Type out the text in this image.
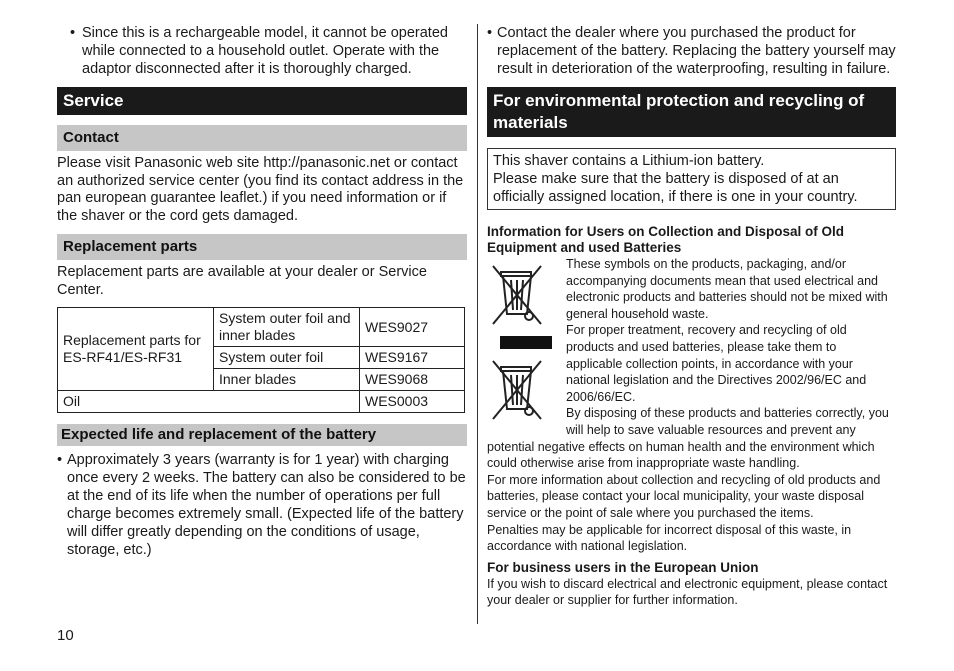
• Since this is a rechargeable model, it cannot be operated while connected to a household outlet. Operate with the adaptor disconnected after it is thoroughly charged.
Service
Contact
Please visit Panasonic web site http://panasonic.net or contact an authorized service center (you find its contact address in the pan european guarantee leaflet.) if you need information or if the shaver or the cord gets damaged.
Replacement parts
Replacement parts are available at your dealer or Service Center.
Replacement parts for ES-RF41/ES-RF31	System outer foil and inner blades	WES9027
	System outer foil	WES9167
	Inner blades	WES9068
Oil		WES0003
Expected life and replacement of the battery
• Approximately 3 years (warranty is for 1 year) with charging once every 2 weeks. The battery can also be considered to be at the end of its life when the number of operations per full charge becomes extremely small. (Expected life of the battery will differ greatly depending on the conditions of usage, storage, etc.)
• Contact the dealer where you purchased the product for replacement of the battery. Replacing the battery yourself may result in deterioration of the waterproofing, resulting in failure.
For environmental protection and recycling of materials
This shaver contains a Lithium-ion battery.
Please make sure that the battery is disposed of at an officially assigned location, if there is one in your country.
Information for Users on Collection and Disposal of Old Equipment and used Batteries
These symbols on the products, packaging, and/or accompanying documents mean that used electrical and electronic products and batteries should not be mixed with general household waste.
For proper treatment, recovery and recycling of old products and used batteries, please take them to applicable collection points, in accordance with your national legislation and the Directives 2002/96/EC and 2006/66/EC.
By disposing of these products and batteries correctly, you will help to save valuable resources and prevent any potential negative effects on human health and the environment which could otherwise arise from inappropriate waste handling.
For more information about collection and recycling of old products and batteries, please contact your local municipality, your waste disposal service or the point of sale where you purchased the items.
Penalties may be applicable for incorrect disposal of this waste, in accordance with national legislation.
For business users in the European Union
If you wish to discard electrical and electronic equipment, please contact your dealer or supplier for further information.
10
